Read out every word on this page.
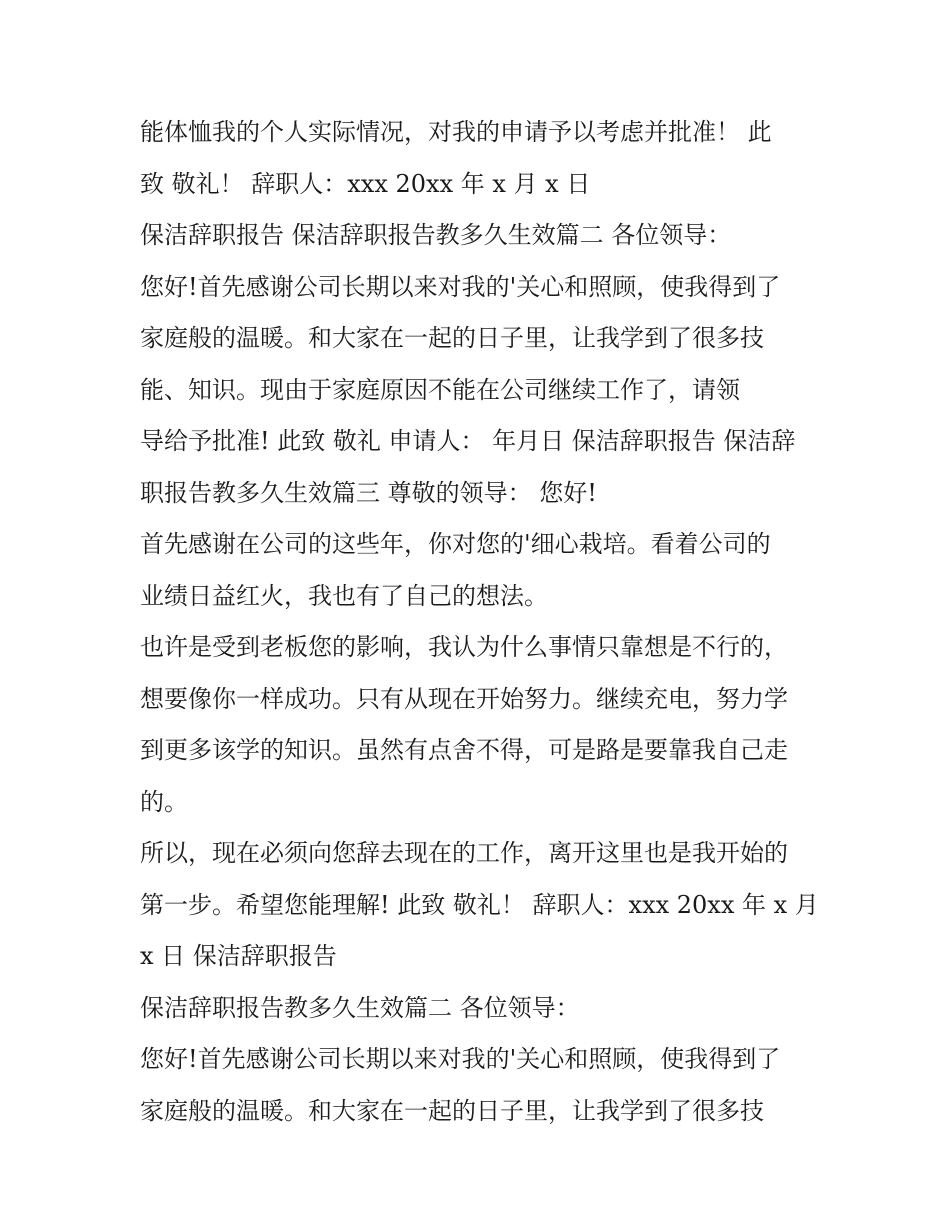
能体恤我的个人实际情况，对我的申请予以考虑并批准！ 此
致 敬礼！ 辞职人：xxx 20xx 年 x 月 x 日
保洁辞职报告 保洁辞职报告教多久生效篇二 各位领导：
您好!首先感谢公司长期以来对我的'关心和照顾，使我得到了
家庭般的温暖。和大家在一起的日子里，让我学到了很多技
能、知识。现由于家庭原因不能在公司继续工作了，请领
导给予批准! 此致 敬礼 申请人： 年月日 保洁辞职报告 保洁辞
职报告教多久生效篇三 尊敬的领导： 您好!
首先感谢在公司的这些年，你对您的'细心栽培。看着公司的
业绩日益红火，我也有了自己的想法。
也许是受到老板您的影响，我认为什么事情只靠想是不行的，
想要像你一样成功。只有从现在开始努力。继续充电，努力学
到更多该学的知识。虽然有点舍不得，可是路是要靠我自己走
的。
所以，现在必须向您辞去现在的工作，离开这里也是我开始的
第一步。希望您能理解! 此致 敬礼！ 辞职人：xxx 20xx 年 x 月
x 日 保洁辞职报告
保洁辞职报告教多久生效篇二 各位领导：
您好!首先感谢公司长期以来对我的'关心和照顾，使我得到了
家庭般的温暖。和大家在一起的日子里，让我学到了很多技
